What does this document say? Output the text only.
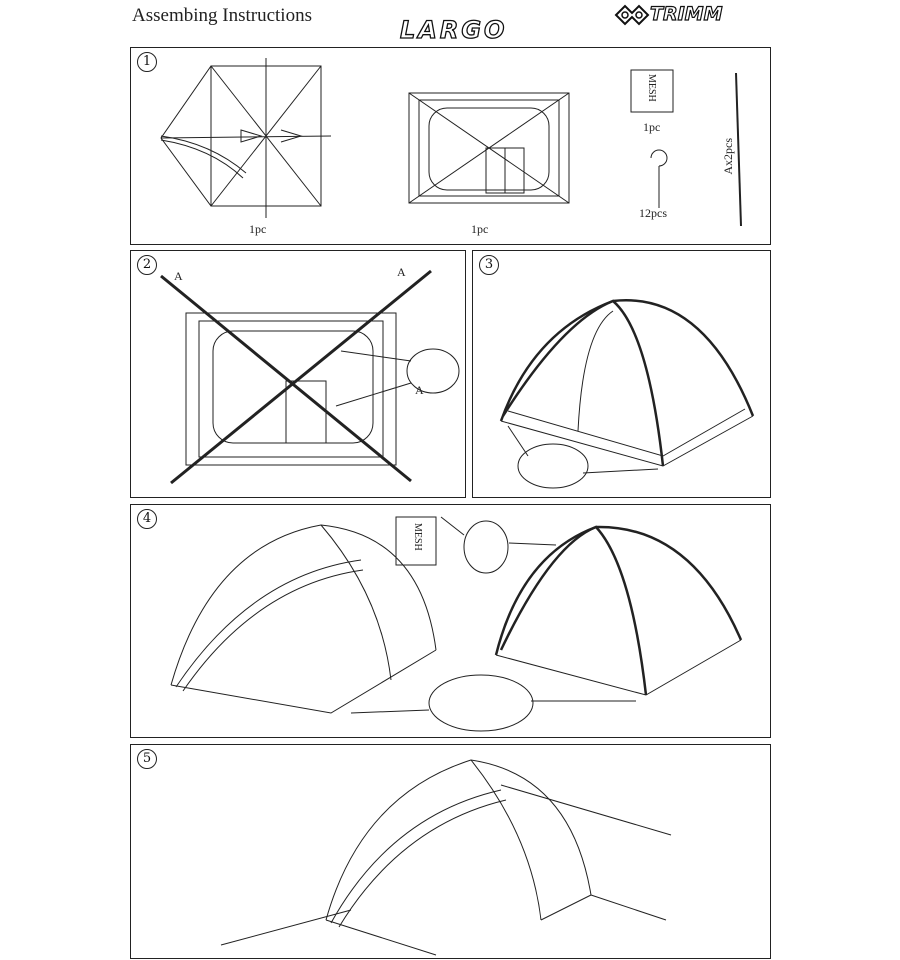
Assembing Instructions
LARGO
TRIMM
1
1pc	1pc
MESH
1pc
12pcs
Ax2pcs
2
A	A
A
3
4
MESH
5
